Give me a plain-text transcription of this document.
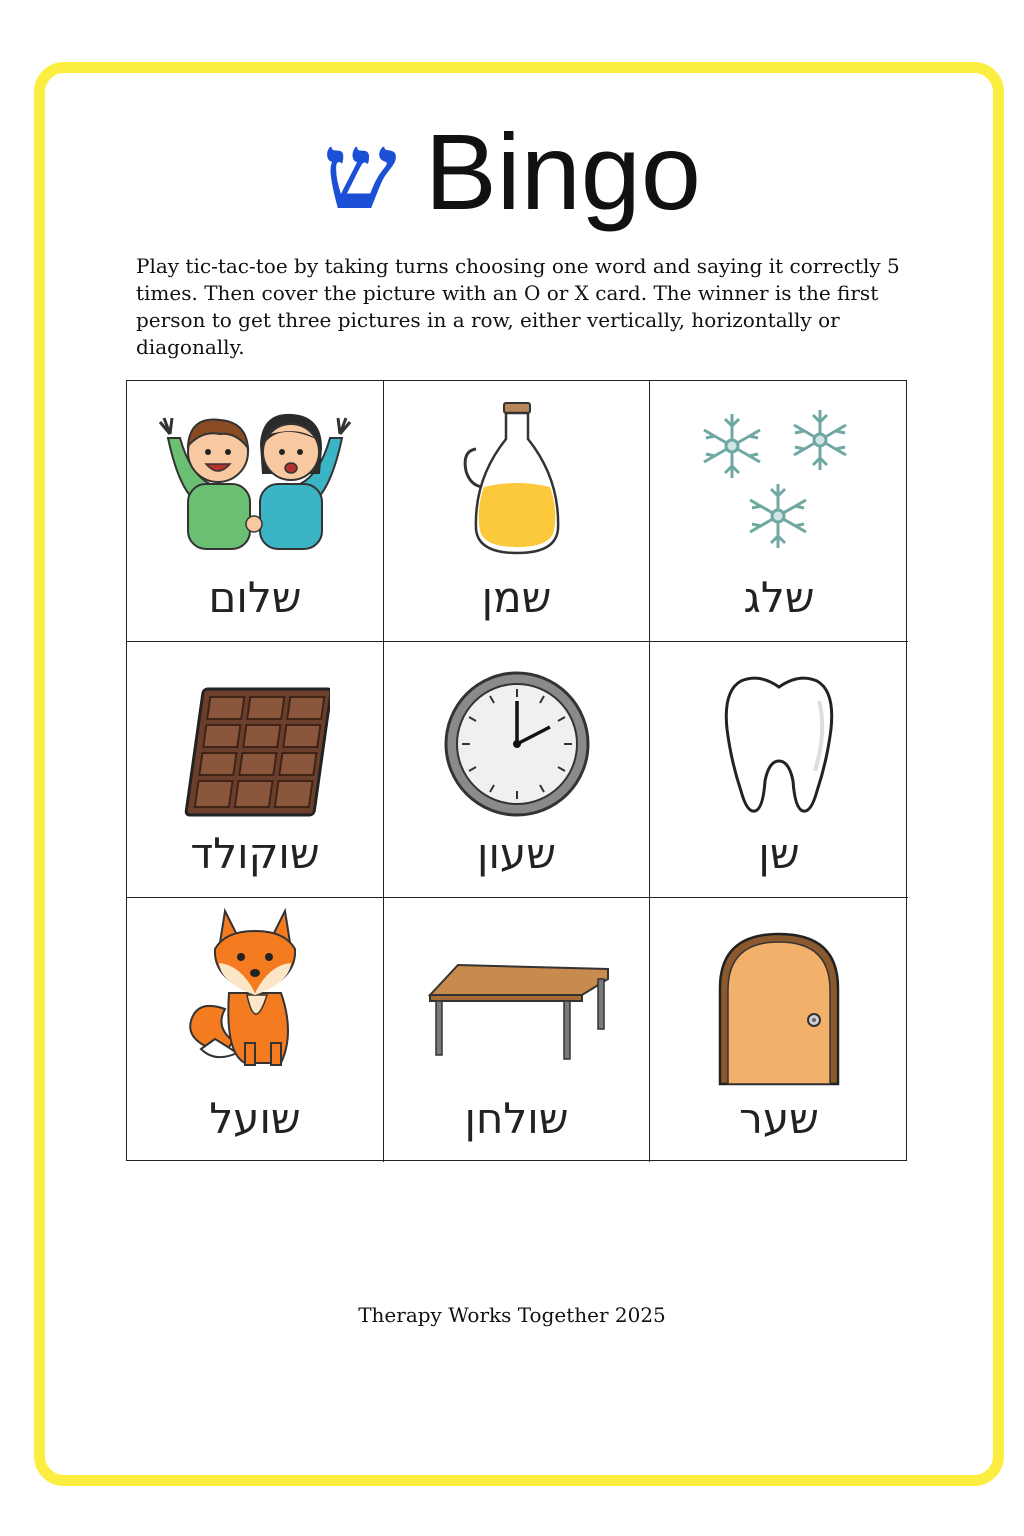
ש Bingo

Play tic-tac-toe by taking turns choosing one word and saying it correctly 5 times. Then cover the picture with an O or X card. The winner is the first person to get three pictures in a row, either vertically, horizontally or diagonally.

שלום	שמן	שלג
שוקולד	שעון	שן
שועל	שולחן	שער
Therapy Works Together 2025
